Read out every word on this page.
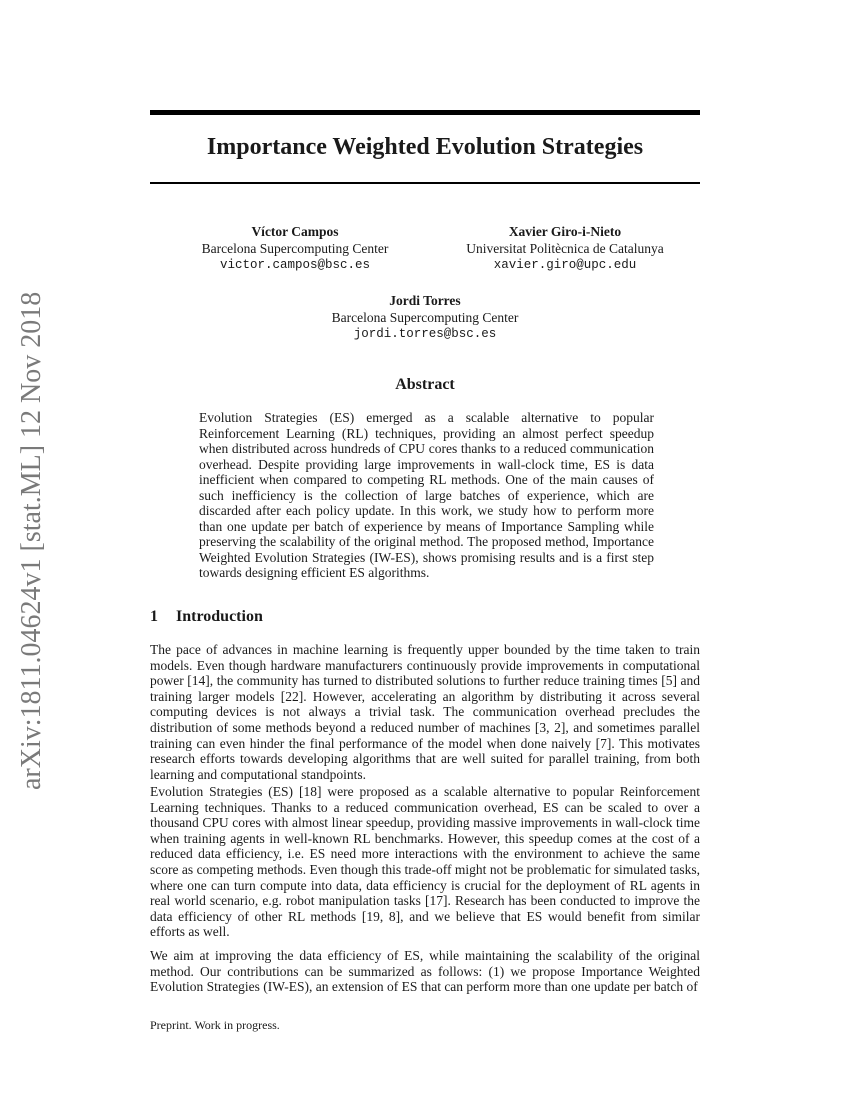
arXiv:1811.04624v1 [stat.ML] 12 Nov 2018
Importance Weighted Evolution Strategies
Víctor Campos
Barcelona Supercomputing Center
victor.campos@bsc.es
Xavier Giro-i-Nieto
Universitat Politècnica de Catalunya
xavier.giro@upc.edu
Jordi Torres
Barcelona Supercomputing Center
jordi.torres@bsc.es
Abstract

Evolution Strategies (ES) emerged as a scalable alternative to popular Reinforcement Learning (RL) techniques, providing an almost perfect speedup when distributed across hundreds of CPU cores thanks to a reduced communication overhead. Despite providing large improvements in wall-clock time, ES is data inefficient when compared to competing RL methods. One of the main causes of such inefficiency is the collection of large batches of experience, which are discarded after each policy update. In this work, we study how to perform more than one update per batch of experience by means of Importance Sampling while preserving the scalability of the original method. The proposed method, Importance Weighted Evolution Strategies (IW-ES), shows promising results and is a first step towards designing efficient ES algorithms.

1 Introduction

The pace of advances in machine learning is frequently upper bounded by the time taken to train models. Even though hardware manufacturers continuously provide improvements in computational power [14], the community has turned to distributed solutions to further reduce training times [5] and training larger models [22]. However, accelerating an algorithm by distributing it across several computing devices is not always a trivial task. The communication overhead precludes the distribution of some methods beyond a reduced number of machines [3, 2], and sometimes parallel training can even hinder the final performance of the model when done naively [7]. This motivates research efforts towards developing algorithms that are well suited for parallel training, from both learning and computational standpoints.

Evolution Strategies (ES) [18] were proposed as a scalable alternative to popular Reinforcement Learning techniques. Thanks to a reduced communication overhead, ES can be scaled to over a thousand CPU cores with almost linear speedup, providing massive improvements in wall-clock time when training agents in well-known RL benchmarks. However, this speedup comes at the cost of a reduced data efficiency, i.e. ES need more interactions with the environment to achieve the same score as competing methods. Even though this trade-off might not be problematic for simulated tasks, where one can turn compute into data, data efficiency is crucial for the deployment of RL agents in real world scenario, e.g. robot manipulation tasks [17]. Research has been conducted to improve the data efficiency of other RL methods [19, 8], and we believe that ES would benefit from similar efforts as well.

We aim at improving the data efficiency of ES, while maintaining the scalability of the original method. Our contributions can be summarized as follows: (1) we propose Importance Weighted Evolution Strategies (IW-ES), an extension of ES that can perform more than one update per batch of

Preprint. Work in progress.
